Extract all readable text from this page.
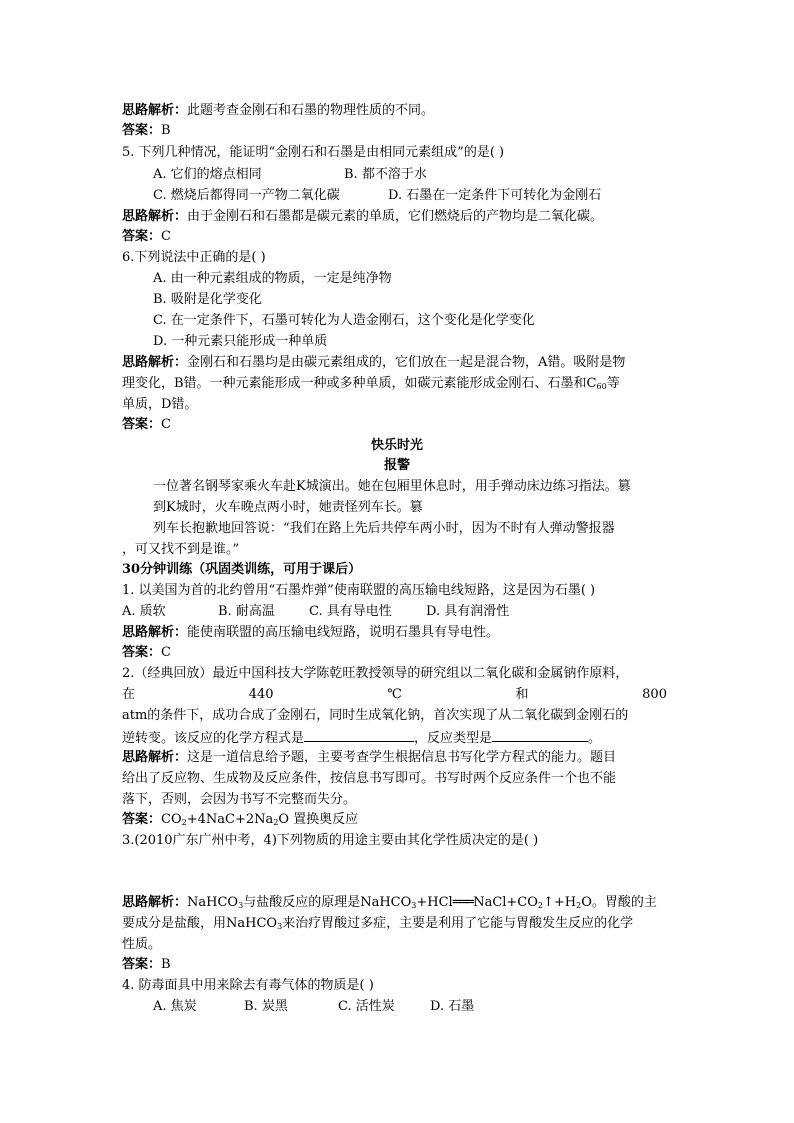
思路解析：此题考查金刚石和石墨的物理性质的不同。
答案：B
5. 下列几种情况，能证明“金刚石和石墨是由相同元素组成”的是( )
A. 它们的熔点相同	B. 都不溶于水
C. 燃烧后都得同一产物二氧化碳	D. 石墨在一定条件下可转化为金刚石
思路解析：由于金刚石和石墨都是碳元素的单质，它们燃烧后的产物均是二氧化碳。
答案：C
6.下列说法中正确的是( )
A. 由一种元素组成的物质，一定是纯净物
B. 吸附是化学变化
C. 在一定条件下，石墨可转化为人造金刚石，这个变化是化学变化
D. 一种元素只能形成一种单质
思路解析：金刚石和石墨均是由碳元素组成的，它们放在一起是混合物，A错。吸附是物
理变化，B错。一种元素能形成一种或多种单质，如碳元素能形成金刚石、石墨和$C_{60}$等
单质，D错。
答案：C
快乐时光
报警
一位著名钢琴家乘火车赴K城演出。她在包厢里休息时，用手弹动床边练习指法。篡
到K城时，火车晚点两小时，她责怪列车长。篡
列车长抱歉地回答说：“我们在路上先后共停车两小时，因为不时有人弹动警报器
，可又找不到是谁。”
30分钟训练（巩固类训练，可用于课后）
1. 以美国为首的北约曾用“石墨炸弹”使南联盟的高压输电线短路，这是因为石墨( )
A. 质软	B. 耐高温	C. 具有导电性	D. 具有润滑性
思路解析：能使南联盟的高压输电线短路，说明石墨具有导电性。
答案：C
2.（经典回放）最近中国科技大学陈乾旺教授领导的研究组以二氧化碳和金属钠作原料，
在	440	℃	和	800
atm的条件下，成功合成了金刚石，同时生成氧化钠，首次实现了从二氧化碳到金刚石的
逆转变。该反应的化学方程式是	，反应类型是	。
思路解析：这是一道信息给予题，主要考查学生根据信息书写化学方程式的能力。题目
给出了反应物、生成物及反应条件，按信息书写即可。书写时两个反应条件一个也不能
落下，否则，会因为书写不完整而失分。
答案：$CO_2+4NaC+2Na_2O$ 置换奥反应
3.(2010广东广州中考，4)下列物质的用途主要由其化学性质决定的是( )
思路解析：NaHCO$_3$与盐酸反应的原理是$NaHCO_3+HCl═══NaCl+CO_2↑+H_2O$。胃酸的主
要成分是盐酸，用NaHCO$_3$来治疗胃酸过多症，主要是利用了它能与胃酸发生反应的化学
性质。
答案：B
4. 防毒面具中用来除去有毒气体的物质是( )
A. 焦炭	B. 炭黑	C. 活性炭	D. 石墨
